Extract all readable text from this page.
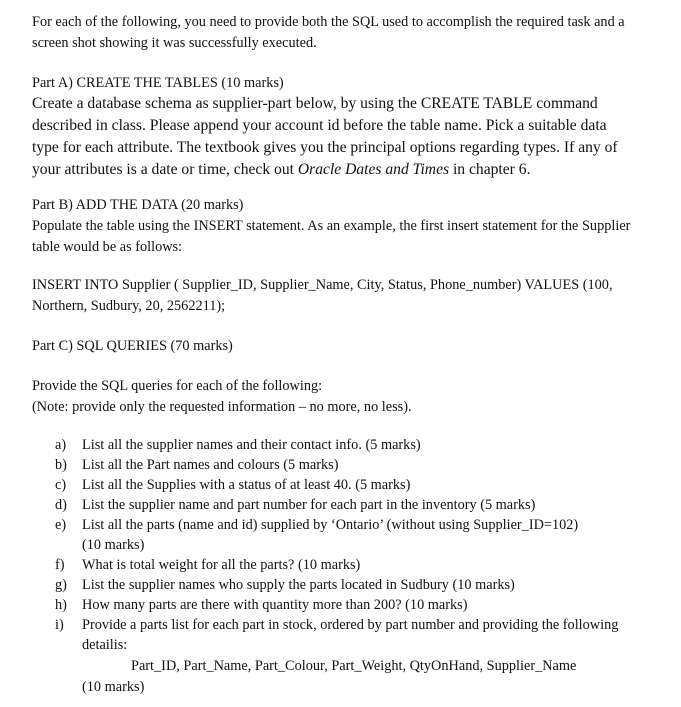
For each of the following, you need to provide both the SQL used to accomplish the required task and a
screen shot showing it was successfully executed.
Part A) CREATE THE TABLES (10 marks)
Create a database schema as supplier-part below, by using the CREATE TABLE command
described in class. Please append your account id before the table name. Pick a suitable data
type for each attribute. The textbook gives you the principal options regarding types. If any of
your attributes is a date or time, check out Oracle Dates and Times in chapter 6.
Part B) ADD THE DATA (20 marks)
Populate the table using the INSERT statement. As an example, the first insert statement for the Supplier
table would be as follows:
INSERT INTO Supplier ( Supplier_ID, Supplier_Name, City, Status, Phone_number) VALUES (100,
Northern, Sudbury, 20, 2562211);
Part C) SQL QUERIES (70 marks)
Provide the SQL queries for each of the following:
(Note: provide only the requested information – no more, no less).
a)	List all the supplier names and their contact info. (5 marks)
b)	List all the Part names and colours (5 marks)
c)	List all the Supplies with a status of at least 40. (5 marks)
d)	List the supplier name and part number for each part in the inventory (5 marks)
e)	List all the parts (name and id) supplied by ‘Ontario’ (without using Supplier_ID=102)
(10 marks)
f)	What is total weight for all the parts? (10 marks)
g)	List the supplier names who supply the parts located in Sudbury (10 marks)
h)	How many parts are there with quantity more than 200? (10 marks)
i)	Provide a parts list for each part in stock, ordered by part number and providing the following
detailis:
Part_ID, Part_Name, Part_Colour, Part_Weight, QtyOnHand, Supplier_Name
(10 marks)
